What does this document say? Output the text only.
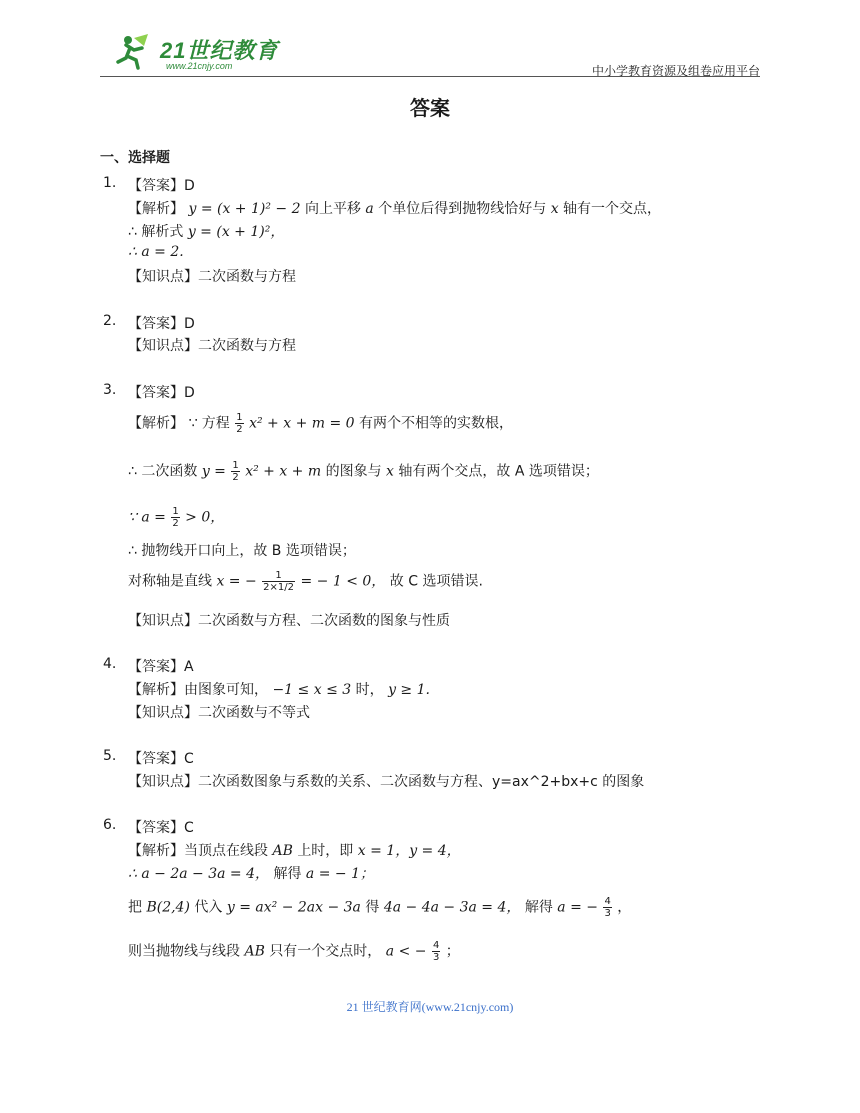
21世纪教育
www.21cnjy.com	中小学教育资源及组卷应用平台
答案
一、选择题
1. 【答案】D
【解析】 y = (x + 1)² − 2 向上平移 a 个单位后得到抛物线恰好与 x 轴有一个交点，
∴ 解析式 y = (x + 1)²，
∴ a = 2.
【知识点】二次函数与方程
2. 【答案】D
【知识点】二次函数与方程
3. 【答案】D
【解析】 ∵ 方程 $\frac{1}{2} x^2 + x + m = 0$ 有两个不相等的实数根，
∴ 二次函数 $y = \frac{1}{2} x^2 + x + m$ 的图象与 x 轴有两个交点，故 A 选项错误；
∵ $a = \frac{1}{2} > 0$，
∴ 抛物线开口向上，故 B 选项错误；
对称轴是直线 x = − $\frac{1}{2\times 1/2}$ = − 1 < 0， 故 C 选项错误.
【知识点】二次函数与方程、二次函数的图象与性质
4. 【答案】A
【解析】由图象可知， −1 ≤ x ≤ 3 时， y ≥ 1.
【知识点】二次函数与不等式
5. 【答案】C
【知识点】二次函数图象与系数的关系、二次函数与方程、y=ax^2+bx+c 的图象
6. 【答案】C
【解析】当顶点在线段 AB 上时，即 x = 1，y = 4，
∴ a − 2a − 3a = 4， 解得 a = − 1；
把 B(2,4) 代入 y = ax² − 2ax − 3a 得 4a − 4a − 3a = 4， 解得 a = − $\frac{4}{3}$ ，
则当抛物线与线段 AB 只有一个交点时， a < − $\frac{4}{3}$ ；
21 世纪教育网(www.21cnjy.com)
